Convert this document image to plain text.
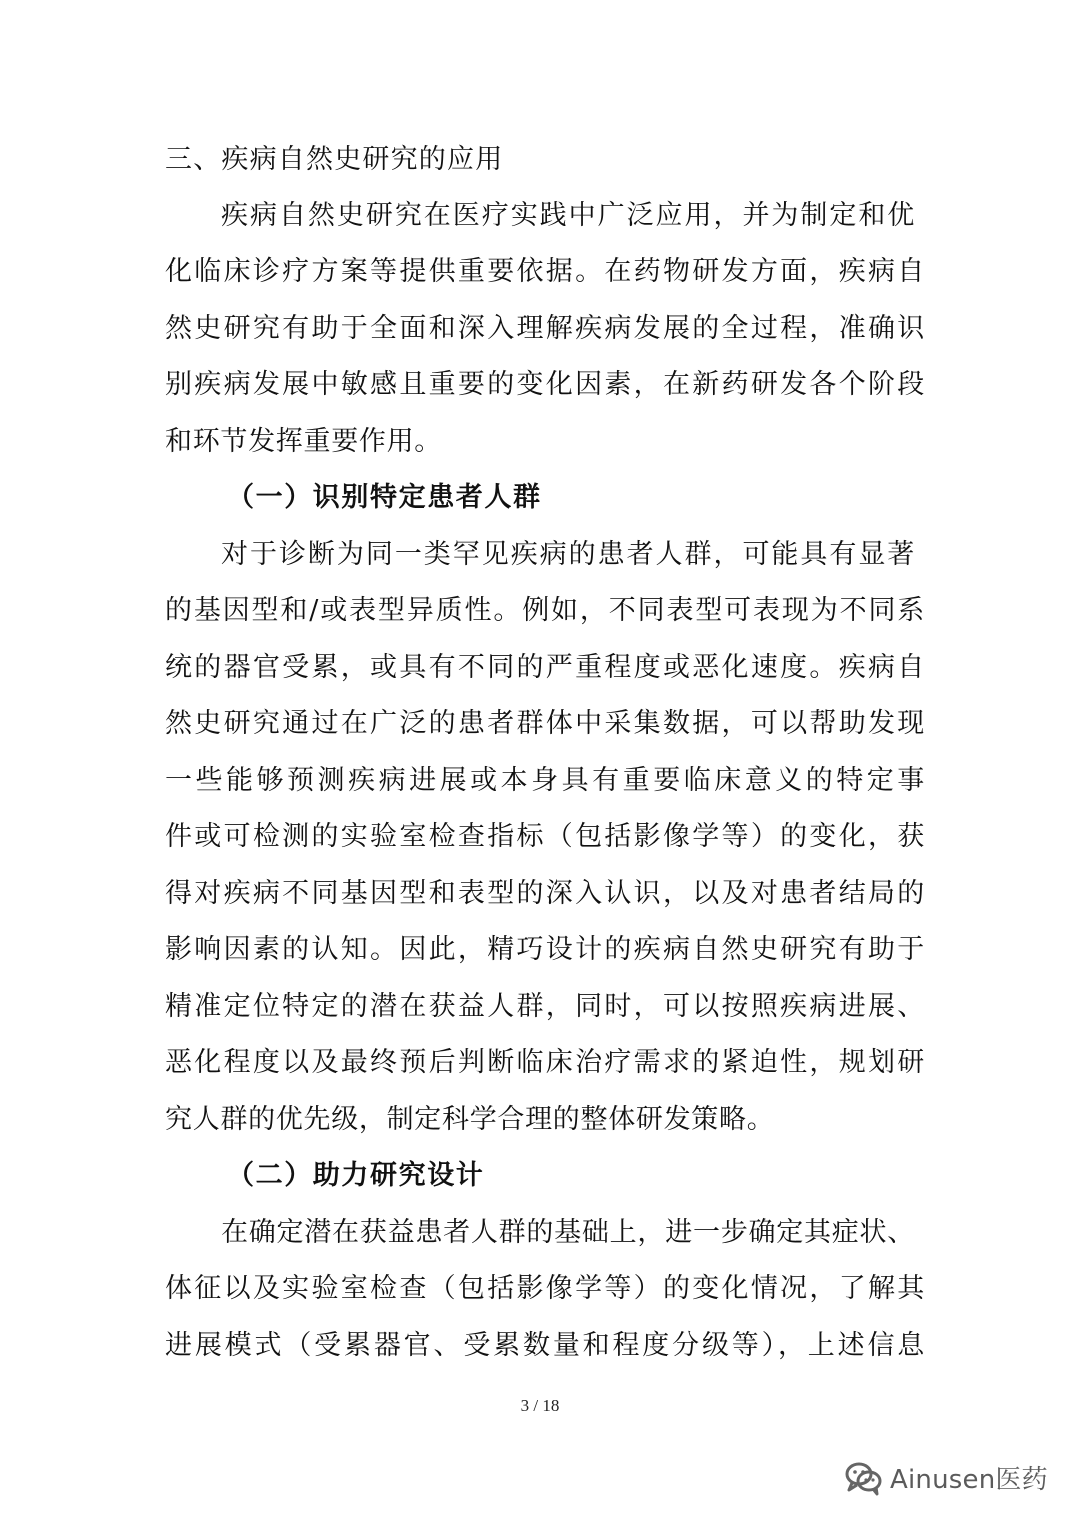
三、疾病自然史研究的应用

疾病自然史研究在医疗实践中广泛应用，并为制定和优

化临床诊疗方案等提供重要依据。在药物研发方面，疾病自

然史研究有助于全面和深入理解疾病发展的全过程，准确识

别疾病发展中敏感且重要的变化因素，在新药研发各个阶段

和环节发挥重要作用。

（一）识别特定患者人群

对于诊断为同一类罕见疾病的患者人群，可能具有显著

的基因型和/或表型异质性。例如，不同表型可表现为不同系

统的器官受累，或具有不同的严重程度或恶化速度。疾病自

然史研究通过在广泛的患者群体中采集数据，可以帮助发现

一些能够预测疾病进展或本身具有重要临床意义的特定事

件或可检测的实验室检查指标（包括影像学等）的变化，获

得对疾病不同基因型和表型的深入认识，以及对患者结局的

影响因素的认知。因此，精巧设计的疾病自然史研究有助于

精准定位特定的潜在获益人群，同时，可以按照疾病进展、

恶化程度以及最终预后判断临床治疗需求的紧迫性，规划研

究人群的优先级，制定科学合理的整体研发策略。

（二）助力研究设计

在确定潜在获益患者人群的基础上，进一步确定其症状、

体征以及实验室检查（包括影像学等）的变化情况，了解其

进展模式（受累器官、受累数量和程度分级等），上述信息

3 / 18
Ainusen医药
